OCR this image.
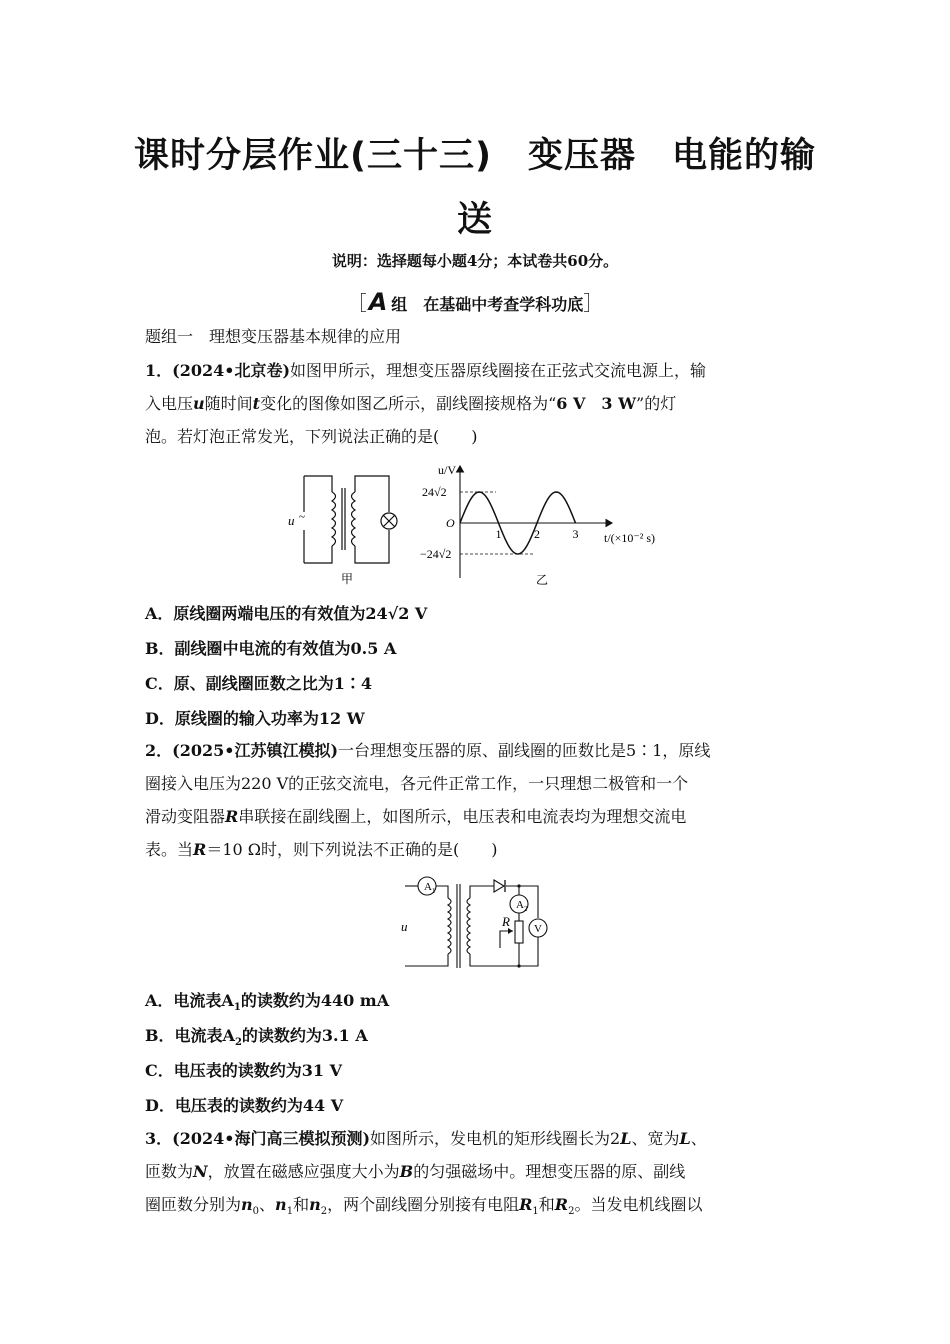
课时分层作业(三十三)　变压器　电能的输
送
说明：选择题每小题4分；本试卷共60分。
［A 组 在基础中考查学科功底］
题组一　理想变压器基本规律的应用
1．(2024•北京卷)如图甲所示，理想变压器原线圈接在正弦式交流电源上，输
入电压u随时间t变化的图像如图乙所示，副线圈接规格为“6 V　3 W”的灯
泡。若灯泡正常发光，下列说法正确的是(　　)
u ~
甲
u/V
24√2
O
−24√2
1	2	3 t/(×10⁻² s)
乙
A．原线圈两端电压的有效值为24√2 V
B．副线圈中电流的有效值为0.5 A
C．原、副线圈匝数之比为1∶4
D．原线圈的输入功率为12 W
2．(2025•江苏镇江模拟)一台理想变压器的原、副线圈的匝数比是5∶1，原线
圈接入电压为220 V的正弦交流电，各元件正常工作，一只理想二极管和一个
滑动变阻器R串联接在副线圈上，如图所示，电压表和电流表均为理想交流电
表。当R＝10 Ω时，则下列说法不正确的是(　　)
$A_1$
$A_2$
V
R
u
A．电流表$A_1$的读数约为440 mA
B．电流表$A_2$的读数约为3.1 A
C．电压表的读数约为31 V
D．电压表的读数约为44 V
3．(2024•海门高三模拟预测)如图所示，发电机的矩形线圈长为2L、宽为L、
匝数为N，放置在磁感应强度大小为B的匀强磁场中。理想变压器的原、副线
圈匝数分别为$n_0$、$n_1$和$n_2$，两个副线圈分别接有电阻$R_1$和$R_2$。当发电机线圈以
